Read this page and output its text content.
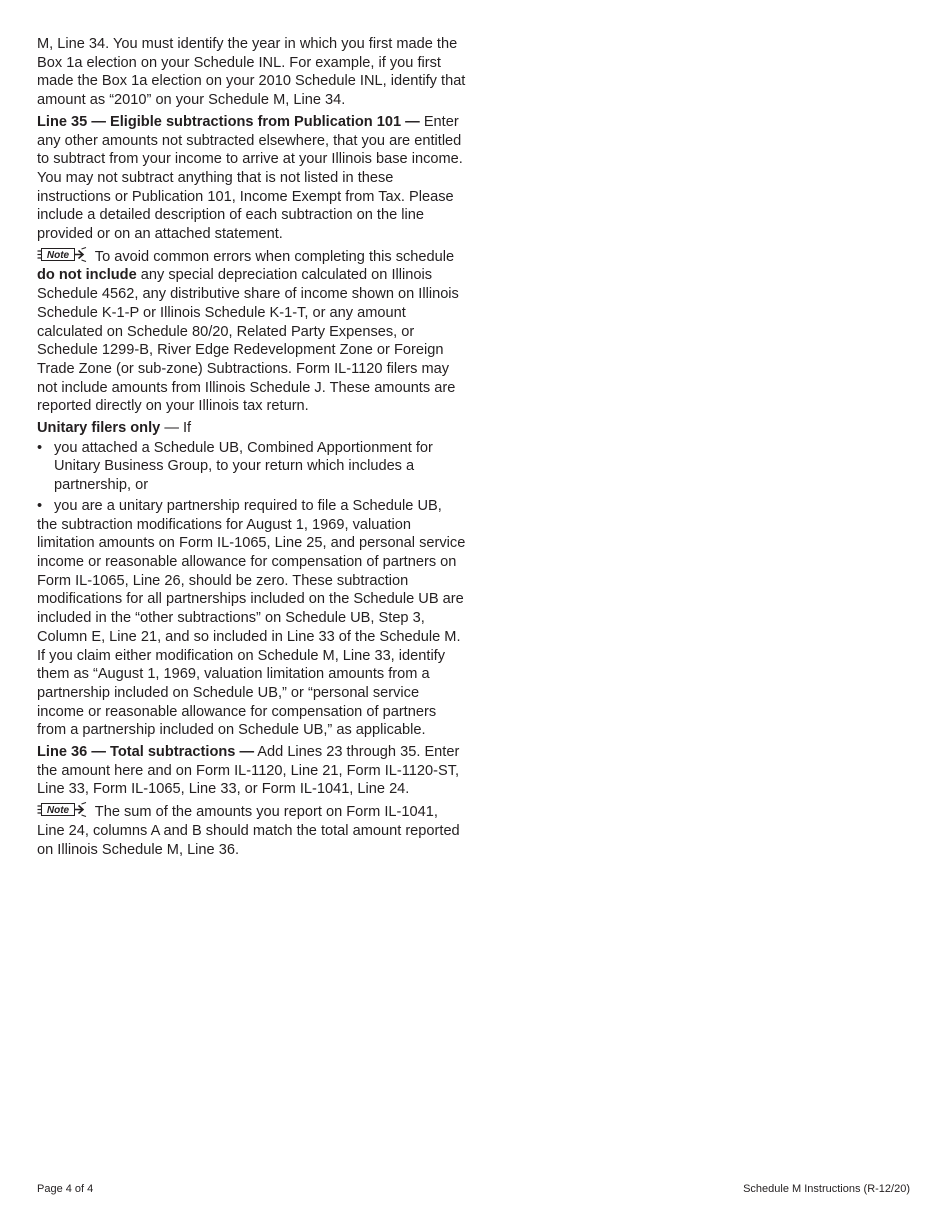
M, Line 34. You must identify the year in which you first made the Box 1a election on your Schedule INL. For example, if you first made the Box 1a election on your 2010 Schedule INL, identify that amount as “2010” on your Schedule M, Line 34.

Line 35 — Eligible subtractions from Publication 101 — Enter any other amounts not subtracted elsewhere, that you are entitled to subtract from your income to arrive at your Illinois base income. You may not subtract anything that is not listed in these instructions or Publication 101, Income Exempt from Tax. Please include a detailed description of each subtraction on the line provided or on an attached statement.

Note To avoid common errors when completing this schedule do not include any special depreciation calculated on Illinois Schedule 4562, any distributive share of income shown on Illinois Schedule K-1-P or Illinois Schedule K-1-T, or any amount calculated on Schedule 80/20, Related Party Expenses, or Schedule 1299-B, River Edge Redevelopment Zone or Foreign Trade Zone (or sub-zone) Subtractions. Form IL-1120 filers may not include amounts from Illinois Schedule J. These amounts are reported directly on your Illinois tax return.

Unitary filers only — If

• you attached a Schedule UB, Combined Apportionment for Unitary Business Group, to your return which includes a partnership, or
• you are a unitary partnership required to file a Schedule UB,

the subtraction modifications for August 1, 1969, valuation limitation amounts on Form IL-1065, Line 25, and personal service income or reasonable allowance for compensation of partners on Form IL-1065, Line 26, should be zero. These subtraction modifications for all partnerships included on the Schedule UB are included in the “other subtractions” on Schedule UB, Step 3, Column E, Line 21, and so included in Line 33 of the Schedule M. If you claim either modification on Schedule M, Line 33, identify them as “August 1, 1969, valuation limitation amounts from a partnership included on Schedule UB,” or “personal service income or reasonable allowance for compensation of partners from a partnership included on Schedule UB,” as applicable.

Line 36 — Total subtractions — Add Lines 23 through 35. Enter the amount here and on Form IL-1120, Line 21, Form IL-1120-ST, Line 33, Form IL-1065, Line 33, or Form IL-1041, Line 24.

Note The sum of the amounts you report on Form IL-1041, Line 24, columns A and B should match the total amount reported on Illinois Schedule M, Line 36.

Page 4 of 4	Schedule M Instructions (R-12/20)
